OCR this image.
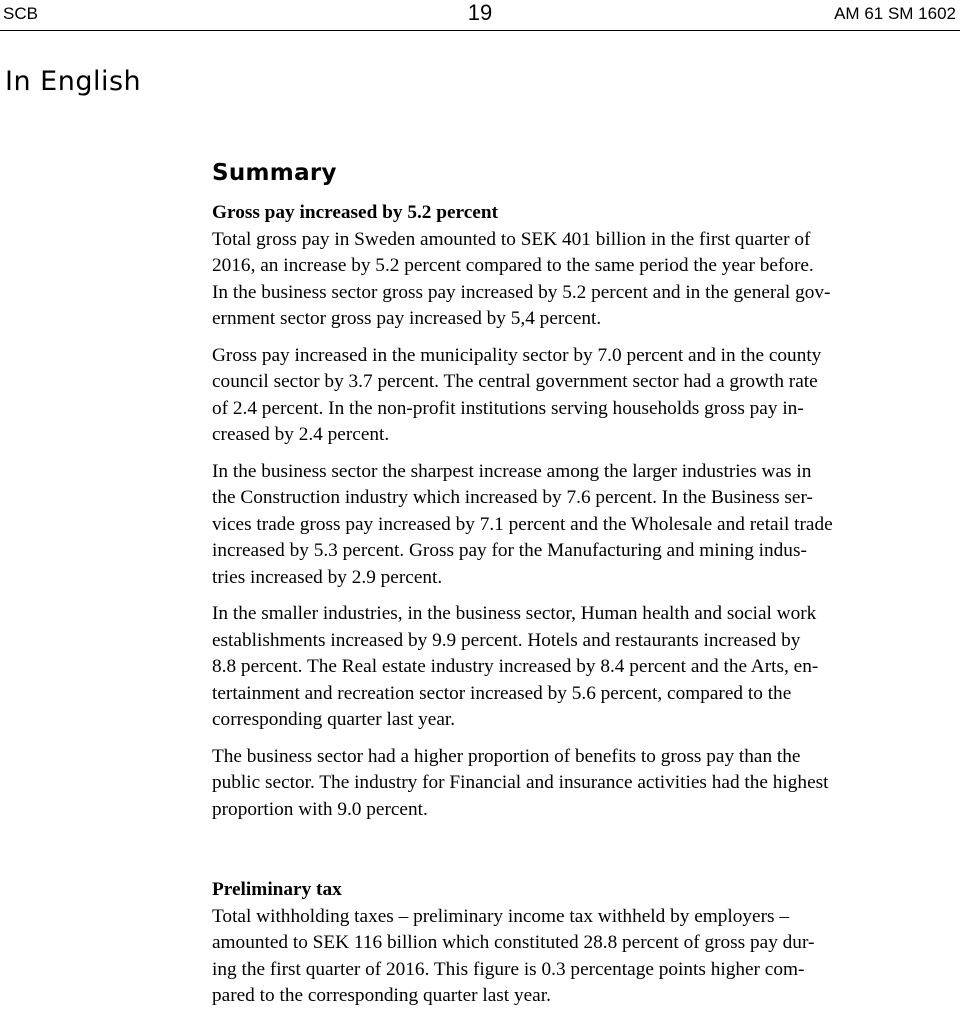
SCB	19	AM 61 SM 1602
In English
Summary
Gross pay increased by 5.2 percent
Total gross pay in Sweden amounted to SEK 401 billion in the first quarter of
2016, an increase by 5.2 percent compared to the same period the year before.
In the business sector gross pay increased by 5.2 percent and in the general gov-
ernment sector gross pay increased by 5,4 percent.
Gross pay increased in the municipality sector by 7.0 percent and in the county
council sector by 3.7 percent. The central government sector had a growth rate
of 2.4 percent. In the non-profit institutions serving households gross pay in-
creased by 2.4 percent.
In the business sector the sharpest increase among the larger industries was in
the Construction industry which increased by 7.6 percent. In the Business ser-
vices trade gross pay increased by 7.1 percent and the Wholesale and retail trade
increased by 5.3 percent. Gross pay for the Manufacturing and mining indus-
tries increased by 2.9 percent.
In the smaller industries, in the business sector, Human health and social work
establishments increased by 9.9 percent. Hotels and restaurants increased by
8.8 percent. The Real estate industry increased by 8.4 percent and the Arts, en-
tertainment and recreation sector increased by 5.6 percent, compared to the
corresponding quarter last year.
The business sector had a higher proportion of benefits to gross pay than the
public sector. The industry for Financial and insurance activities had the highest
proportion with 9.0 percent.
Preliminary tax
Total withholding taxes – preliminary income tax withheld by employers –
amounted to SEK 116 billion which constituted 28.8 percent of gross pay dur-
ing the first quarter of 2016. This figure is 0.3 percentage points higher com-
pared to the corresponding quarter last year.
